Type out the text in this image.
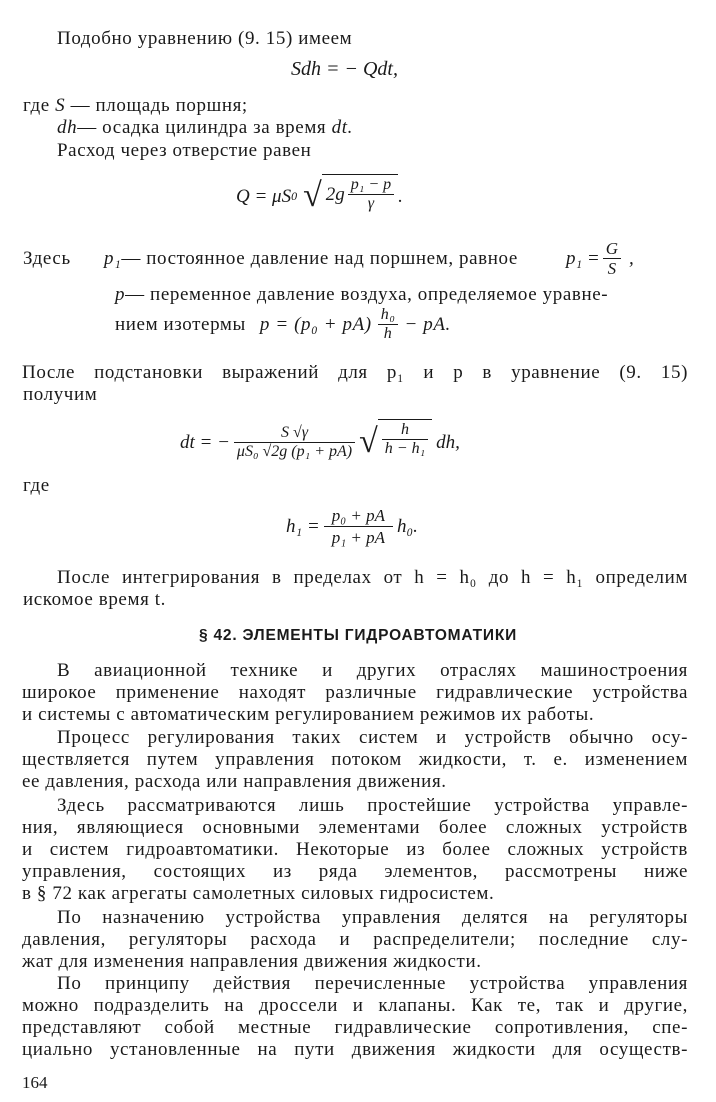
Подобно уравнению (9. 15) имеем
Sdh = − Qdt,
где S — площадь поршня;
dh— осадка цилиндра за время dt.
Расход через отверстие равен
Q = μS 0 √ $2g \frac{\text{p₁ − p}}{\gamma}$ .
Здесь p₁— постоянное давление над поршнем, равное	$p_1 = \frac{G}{S}$ ,
p— переменное давление воздуха, определяемое уравне-
нием изотермы $p = (p_0 + pA) \frac{\text{h₀}}{h}$ − pA.
После подстановки выражений для p₁ и p в уравнение (9. 15)
получим
dt = − $\frac{S √\gamma}{\text{μS₀ √2g (p₁ + pA)}}$ √ $\frac{h}{\text{h − h₁}}$ dh,
где
$h_1 = \frac{\text{p₀ + pA}}{\text{p₁ + pA}} h_0$.
После интегрирования в пределах от h = h₀ до h = h₁ определим
искомое время t.
§ 42. ЭЛЕМЕНТЫ ГИДРОАВТОМАТИКИ
В авиационной технике и других отраслях машиностроения
широкое применение находят различные гидравлические устройства
и системы с автоматическим регулированием режимов их работы.
Процесс регулирования таких систем и устройств обычно осу-
ществляется путем управления потоком жидкости, т. е. изменением
ее давления, расхода или направления движения.
Здесь рассматриваются лишь простейшие устройства управле-
ния, являющиеся основными элементами более сложных устройств
и систем гидроавтоматики. Некоторые из более сложных устройств
управления, состоящих из ряда элементов, рассмотрены ниже
в § 72 как агрегаты самолетных силовых гидросистем.
По назначению устройства управления делятся на регуляторы
давления, регуляторы расхода и распределители; последние слу-
жат для изменения направления движения жидкости.
По принципу действия перечисленные устройства управления
можно подразделить на дроссели и клапаны. Как те, так и другие,
представляют собой местные гидравлические сопротивления, спе-
циально установленные на пути движения жидкости для осуществ-
164
